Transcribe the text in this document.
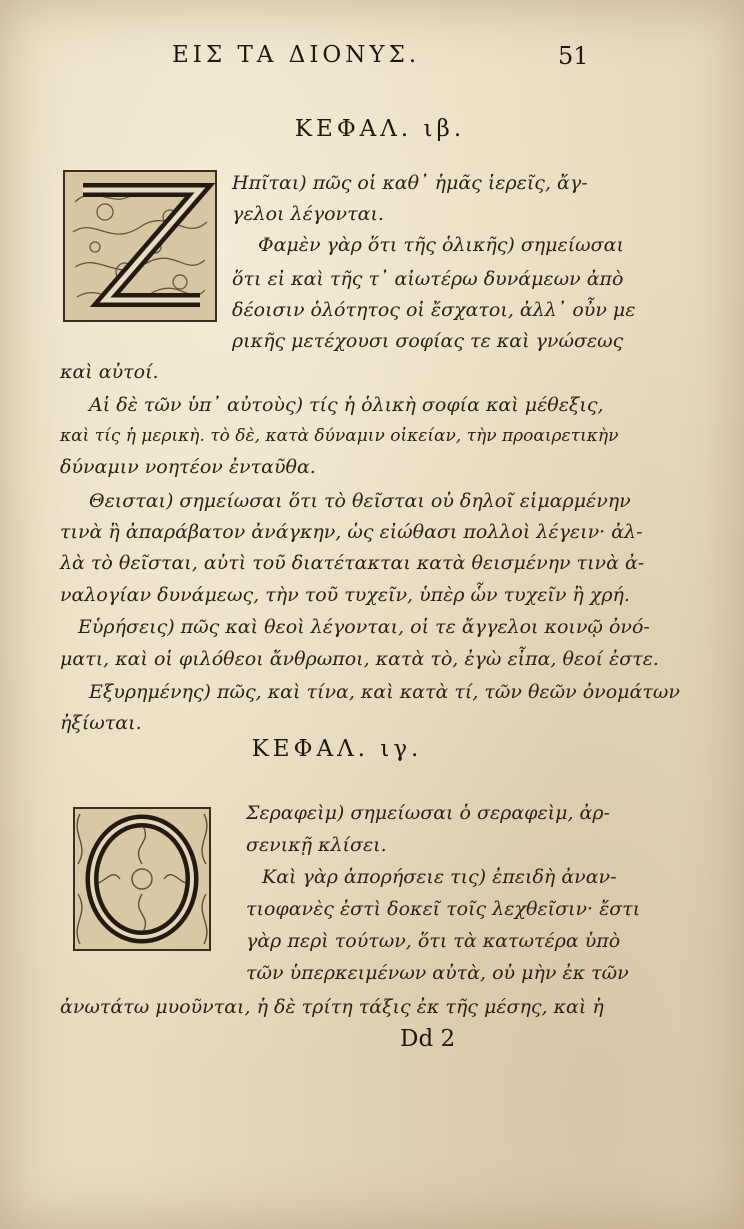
ΕΙΣ ΤΑ ΔΙΟΝΥΣ.	51
ΚΕΦΑΛ. ιβ.
Ηπῖται) πῶς οἱ καθ᾽ ἡμᾶς ἱερεῖς, ἄγ-
γελοι λέγονται.
Φαμὲν γὰρ ὅτι τῆς ὁλικῆς) σημείωσαι
ὅτι εἰ καὶ τῆς τ᾽ αἰωτέρω δυνάμεων ἀπὸ
δέοισιν ὁλότητος οἱ ἔσχατοι, ἀλλ᾽ οὖν με
ρικῆς μετέχουσι σοφίας τε καὶ γνώσεως
καὶ αὐτοί.
Αἱ δὲ τῶν ὑπ᾽ αὐτοὺς) τίς ἡ ὁλικὴ σοφία καὶ μέθεξις,
καὶ τίς ἡ μερικὴ. τὸ δὲ, κατὰ δύναμιν οἰκείαν, τὴν προαιρετικὴν
δύναμιν νοητέον ἐνταῦθα.
Θεισται) σημείωσαι ὅτι τὸ θεῖσται οὐ δηλοῖ εἱμαρμένην
τινὰ ἢ ἀπαράβατον ἀνάγκην, ὡς εἰώθασι πολλοὶ λέγειν· ἀλ-
λὰ τὸ θεῖσται, αὐτὶ τοῦ διατέτακται κατὰ θεισμένην τινὰ ἀ-
ναλογίαν δυνάμεως, τὴν τοῦ τυχεῖν, ὑπὲρ ὧν τυχεῖν ἢ χρή.
Εὑρήσεις) πῶς καὶ θεοὶ λέγονται, οἱ τε ἄγγελοι κοινῷ ὀνό-
ματι, καὶ οἱ φιλόθεοι ἄνθρωποι, κατὰ τὸ, ἐγὼ εἶπα, θεοί ἐστε.
Εξυρημένης) πῶς, καὶ τίνα, καὶ κατὰ τί, τῶν θεῶν ὀνομάτων
ἠξίωται.
ΚΕΦΑΛ. ιγ.
Σεραφεὶμ) σημείωσαι ὁ σεραφεὶμ, ἀρ-
σενικῇ κλίσει.
Καὶ γὰρ ἀπορήσειε τις) ἐπειδὴ ἀναν-
τιοφανὲς ἐστὶ δοκεῖ τοῖς λεχθεῖσιν· ἔστι
γὰρ περὶ τούτων, ὅτι τὰ κατωτέρα ὑπὸ
τῶν ὑπερκειμένων αὐτὰ, οὐ μὴν ἐκ τῶν
ἀνωτάτω μυοῦνται, ἡ δὲ τρίτη τάξις ἐκ τῆς μέσης, καὶ ἡ
Dd 2
